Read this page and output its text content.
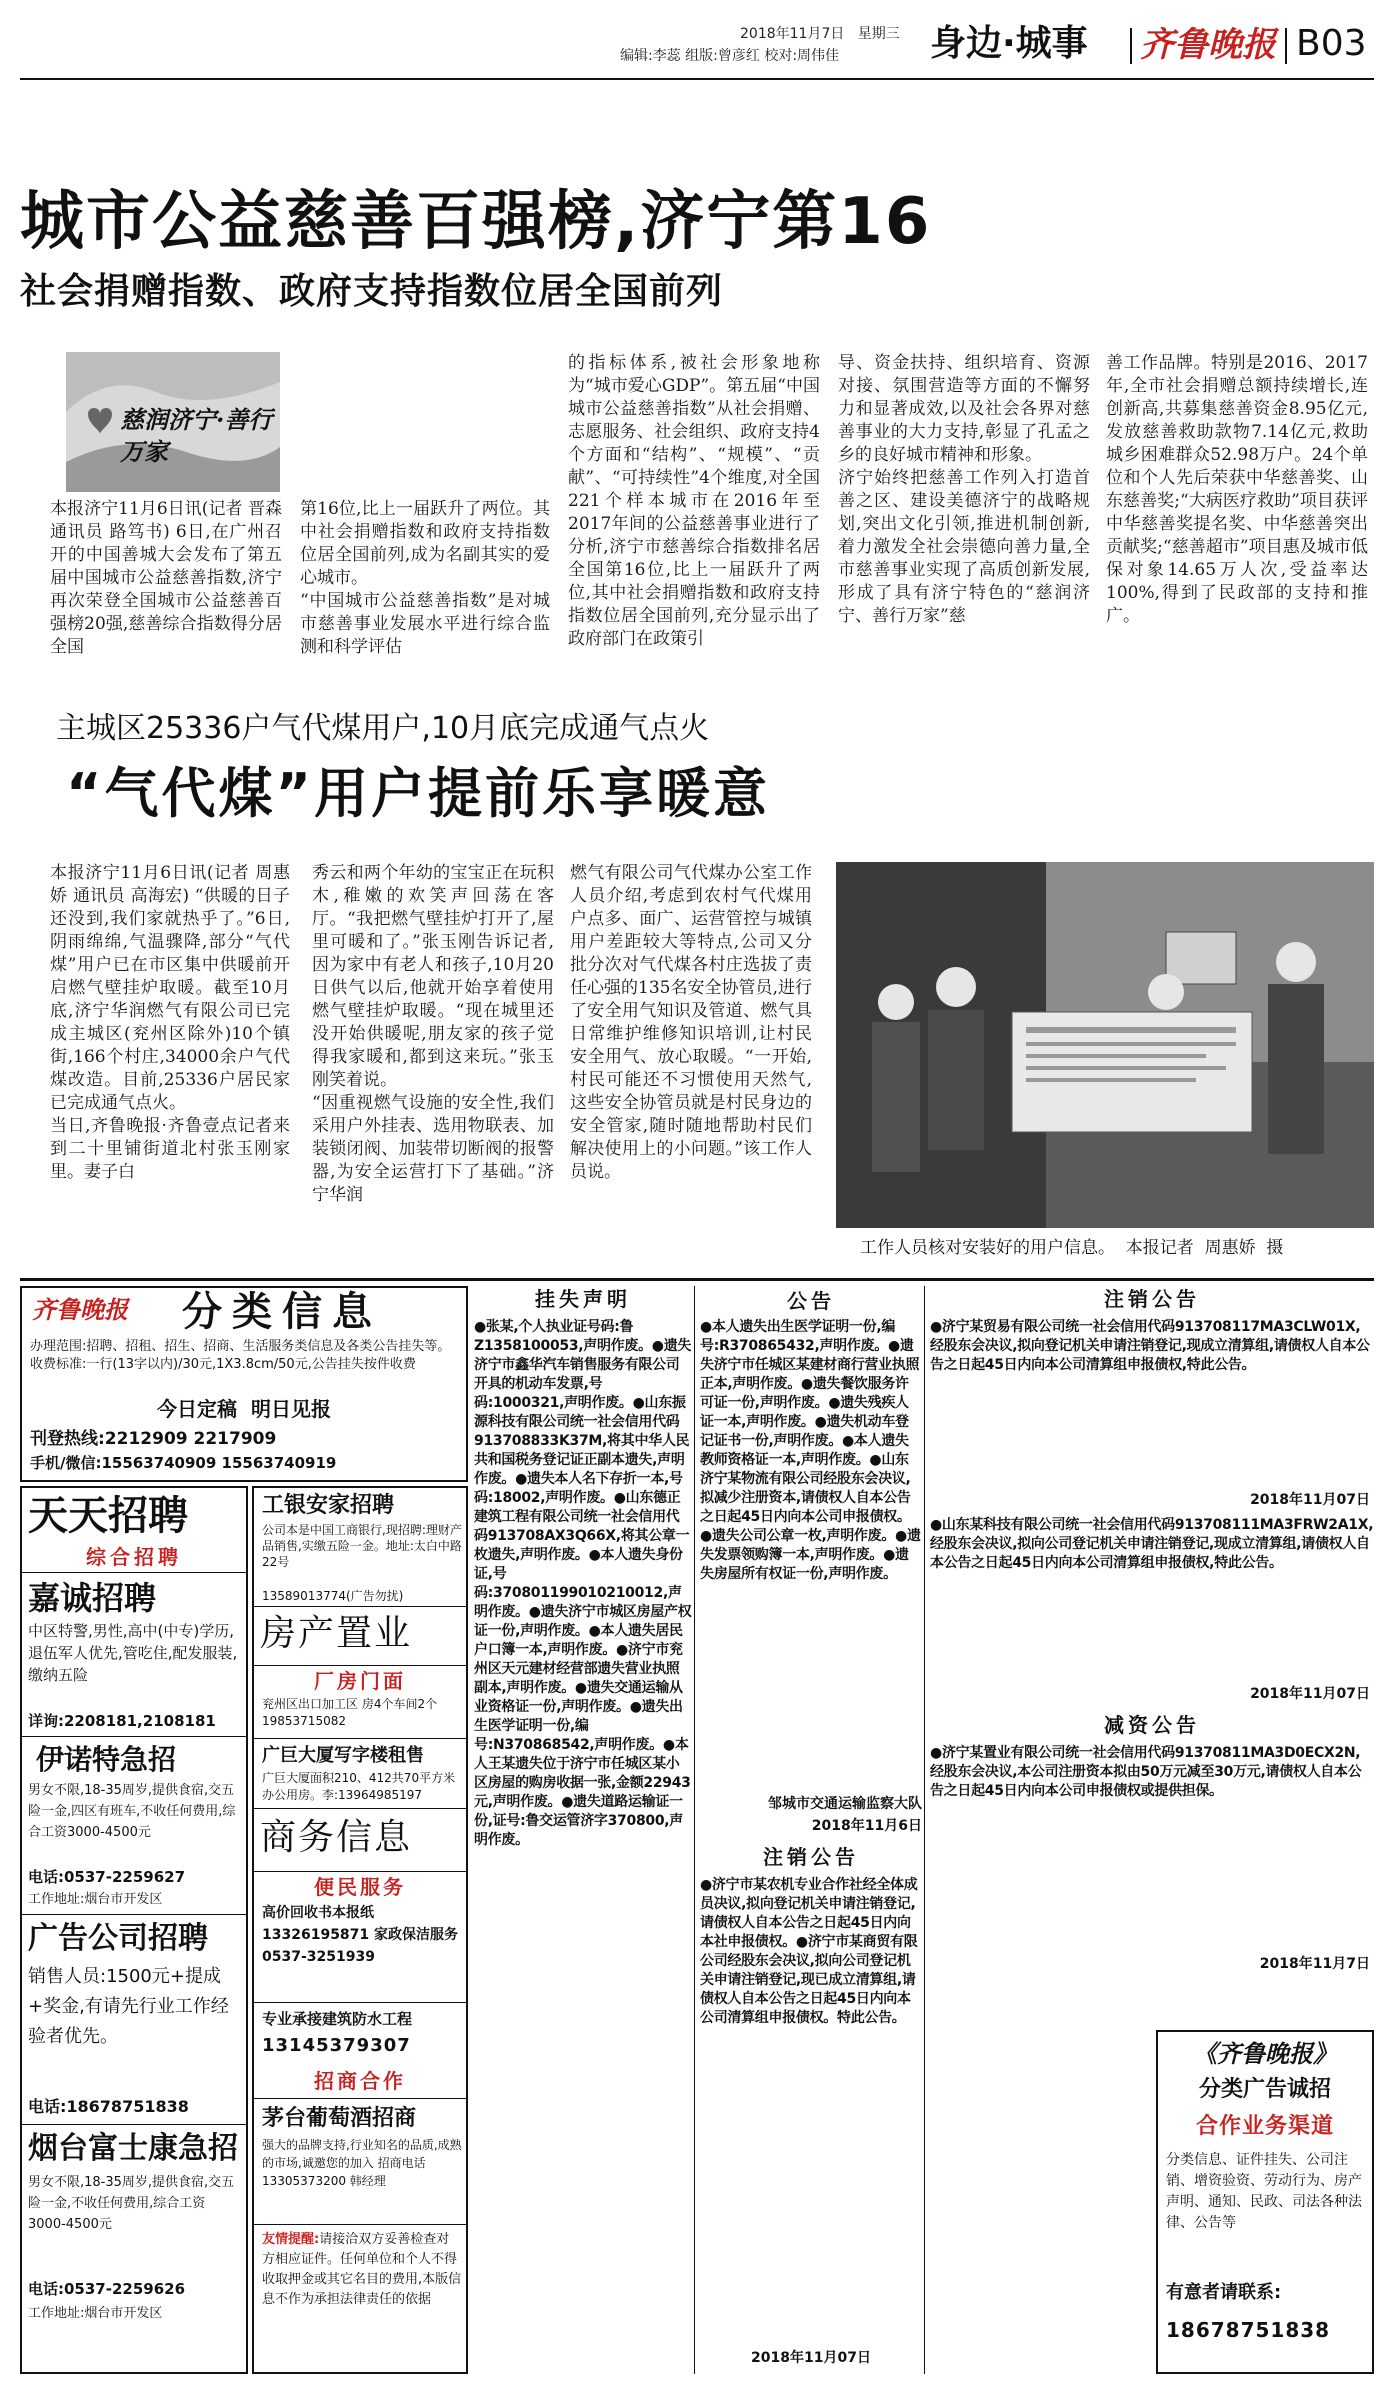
2018年11月7日 星期三
编辑:李蕊 组版:曾彦红 校对:周伟佳	身边·城事 齐鲁晚报 B03
城市公益慈善百强榜,济宁第16
社会捐赠指数、政府支持指数位居全国前列
慈润济宁·善行万家
本报济宁11月6日讯(记者 晋森 通讯员 路笃书) 6日,在广州召开的中国善城大会发布了第五届中国城市公益慈善指数,济宁再次荣登全国城市公益慈善百强榜20强,慈善综合指数得分居全国
第16位,比上一届跃升了两位。其中社会捐赠指数和政府支持指数位居全国前列,成为名副其实的爱心城市。
“中国城市公益慈善指数”是对城市慈善事业发展水平进行综合监测和科学评估
的指标体系,被社会形象地称为“城市爱心GDP”。第五届“中国城市公益慈善指数”从社会捐赠、志愿服务、社会组织、政府支持4个方面和“结构”、“规模”、“贡献”、“可持续性”4个维度,对全国221个样本城市在2016年至2017年间的公益慈善事业进行了分析,济宁市慈善综合指数排名居全国第16位,比上一届跃升了两位,其中社会捐赠指数和政府支持指数位居全国前列,充分显示出了政府部门在政策引
导、资金扶持、组织培育、资源对接、氛围营造等方面的不懈努力和显著成效,以及社会各界对慈善事业的大力支持,彰显了孔孟之乡的良好城市精神和形象。
济宁始终把慈善工作列入打造首善之区、建设美德济宁的战略规划,突出文化引领,推进机制创新,着力激发全社会崇德向善力量,全市慈善事业实现了高质创新发展,形成了具有济宁特色的“慈润济宁、善行万家”慈
善工作品牌。特别是2016、2017年,全市社会捐赠总额持续增长,连创新高,共募集慈善资金8.95亿元,发放慈善救助款物7.14亿元,救助城乡困难群众52.98万户。24个单位和个人先后荣获中华慈善奖、山东慈善奖;“大病医疗救助”项目获评中华慈善奖提名奖、中华慈善突出贡献奖;“慈善超市”项目惠及城市低保对象14.65万人次,受益率达100%,得到了民政部的支持和推广。
主城区25336户气代煤用户,10月底完成通气点火
“气代煤”用户提前乐享暖意
本报济宁11月6日讯(记者 周惠娇 通讯员 高海宏) “供暖的日子还没到,我们家就热乎了。”6日,阴雨绵绵,气温骤降,部分“气代煤”用户已在市区集中供暖前开启燃气壁挂炉取暖。截至10月底,济宁华润燃气有限公司已完成主城区(兖州区除外)10个镇街,166个村庄,34000余户气代煤改造。目前,25336户居民家已完成通气点火。
当日,齐鲁晚报·齐鲁壹点记者来到二十里铺街道北村张玉刚家里。妻子白
秀云和两个年幼的宝宝正在玩积木,稚嫩的欢笑声回荡在客厅。“我把燃气壁挂炉打开了,屋里可暖和了。”张玉刚告诉记者,因为家中有老人和孩子,10月20日供气以后,他就开始享着使用燃气壁挂炉取暖。“现在城里还没开始供暖呢,朋友家的孩子觉得我家暖和,都到这来玩。”张玉刚笑着说。
“因重视燃气设施的安全性,我们采用户外挂表、选用物联表、加装锁闭阀、加装带切断阀的报警器,为安全运营打下了基础。”济宁华润
燃气有限公司气代煤办公室工作人员介绍,考虑到农村气代煤用户点多、面广、运营管控与城镇用户差距较大等特点,公司又分批分次对气代煤各村庄选拔了责任心强的135名安全协管员,进行了安全用气知识及管道、燃气具日常维护维修知识培训,让村民安全用气、放心取暖。“一开始,村民可能还不习惯使用天然气,这些安全协管员就是村民身边的安全管家,随时随地帮助村民们解决使用上的小问题。”该工作人员说。
工作人员核对安装好的用户信息。  本报记者  周惠娇  摄
齐鲁晚报 分类信息
办理范围:招聘、招租、招生、招商、生活服务类信息及各类公告挂失等。收费标准:一行(13字以内)/30元,1X3.8cm/50元,公告挂失按件收费
今日定稿  明日见报
刊登热线:2212909 2217909
手机/微信:15563740909 15563740919
天天招聘
综合招聘
嘉诚招聘
中区特警,男性,高中(中专)学历,退伍军人优先,管吃住,配发服装,缴纳五险
详询:2208181,2108181
伊诺特急招
男女不限,18-35周岁,提供食宿,交五险一金,四区有班车,不收任何费用,综合工资3000-4500元
电话:0537-2259627
工作地址:烟台市开发区
广告公司招聘
销售人员:1500元+提成+奖金,有请先行业工作经验者优先。
电话:18678751838
烟台富士康急招
男女不限,18-35周岁,提供食宿,交五险一金,不收任何费用,综合工资3000-4500元
电话:0537-2259626
工作地址:烟台市开发区
工银安家招聘
公司本是中国工商银行,现招聘:理财产品销售,实缴五险一金。地址:太白中路22号
13589013774(广告勿扰)
房产置业
厂房门面
兖州区出口加工区 房4个车间2个 19853715082
广巨大厦写字楼租售
广巨大厦面积210、412共70平方米办公用房。李:13964985197
商务信息
便民服务
高价回收书本报纸 13326195871 家政保洁服务 0537-3251939
专业承接建筑防水工程
13145379307
招商合作
茅台葡萄酒招商
强大的品牌支持,行业知名的品质,成熟的市场,诚邀您的加入 招商电话13305373200 韩经理
友情提醒:请接洽双方妥善检查对方相应证件。任何单位和个人不得收取押金或其它名目的费用,本版信息不作为承担法律责任的依据
挂失声明
●张某,个人执业证号码:鲁Z1358100053,声明作废。●遗失济宁市鑫华汽车销售服务有限公司开具的机动车发票,号码:1000321,声明作废。●山东振源科技有限公司统一社会信用代码913708833K37M,将其中华人民共和国税务登记证正副本遗失,声明作废。●遗失本人名下存折一本,号码:18002,声明作废。●山东德正建筑工程有限公司统一社会信用代码913708AX3Q66X,将其公章一枚遗失,声明作废。●本人遗失身份证,号码:370801199010210012,声明作废。●遗失济宁市城区房屋产权证一份,声明作废。●本人遗失居民户口簿一本,声明作废。●济宁市兖州区天元建材经营部遗失营业执照副本,声明作废。●遗失交通运输从业资格证一份,声明作废。●遗失出生医学证明一份,编号:N370868542,声明作废。●本人王某遗失位于济宁市任城区某小区房屋的购房收据一张,金额22943元,声明作废。●遗失道路运输证一份,证号:鲁交运管济字370800,声明作废。
公告
●本人遗失出生医学证明一份,编号:R370865432,声明作废。●遗失济宁市任城区某建材商行营业执照正本,声明作废。●遗失餐饮服务许可证一份,声明作废。●遗失残疾人证一本,声明作废。●遗失机动车登记证书一份,声明作废。●本人遗失教师资格证一本,声明作废。●山东济宁某物流有限公司经股东会决议,拟减少注册资本,请债权人自本公告之日起45日内向本公司申报债权。●遗失公司公章一枚,声明作废。●遗失发票领购簿一本,声明作废。●遗失房屋所有权证一份,声明作废。
邹城市交通运输监察大队
2018年11月6日
注销公告
●济宁市某农机专业合作社经全体成员决议,拟向登记机关申请注销登记,请债权人自本公告之日起45日内向本社申报债权。●济宁市某商贸有限公司经股东会决议,拟向公司登记机关申请注销登记,现已成立清算组,请债权人自本公告之日起45日内向本公司清算组申报债权。特此公告。
2018年11月07日
注销公告
●济宁某贸易有限公司统一社会信用代码913708117MA3CLW01X,经股东会决议,拟向登记机关申请注销登记,现成立清算组,请债权人自本公告之日起45日内向本公司清算组申报债权,特此公告。
2018年11月07日
●山东某科技有限公司统一社会信用代码913708111MA3FRW2A1X,经股东会决议,拟向公司登记机关申请注销登记,现成立清算组,请债权人自本公告之日起45日内向本公司清算组申报债权,特此公告。
2018年11月07日
减资公告
●济宁某置业有限公司统一社会信用代码91370811MA3D0ECX2N,经股东会决议,本公司注册资本拟由50万元减至30万元,请债权人自本公告之日起45日内向本公司申报债权或提供担保。
2018年11月7日
《齐鲁晚报》
分类广告诚招
合作业务渠道
分类信息、证件挂失、公司注销、增资验资、劳动行为、房产声明、通知、民政、司法各种法律、公告等
有意者请联系:
18678751838
